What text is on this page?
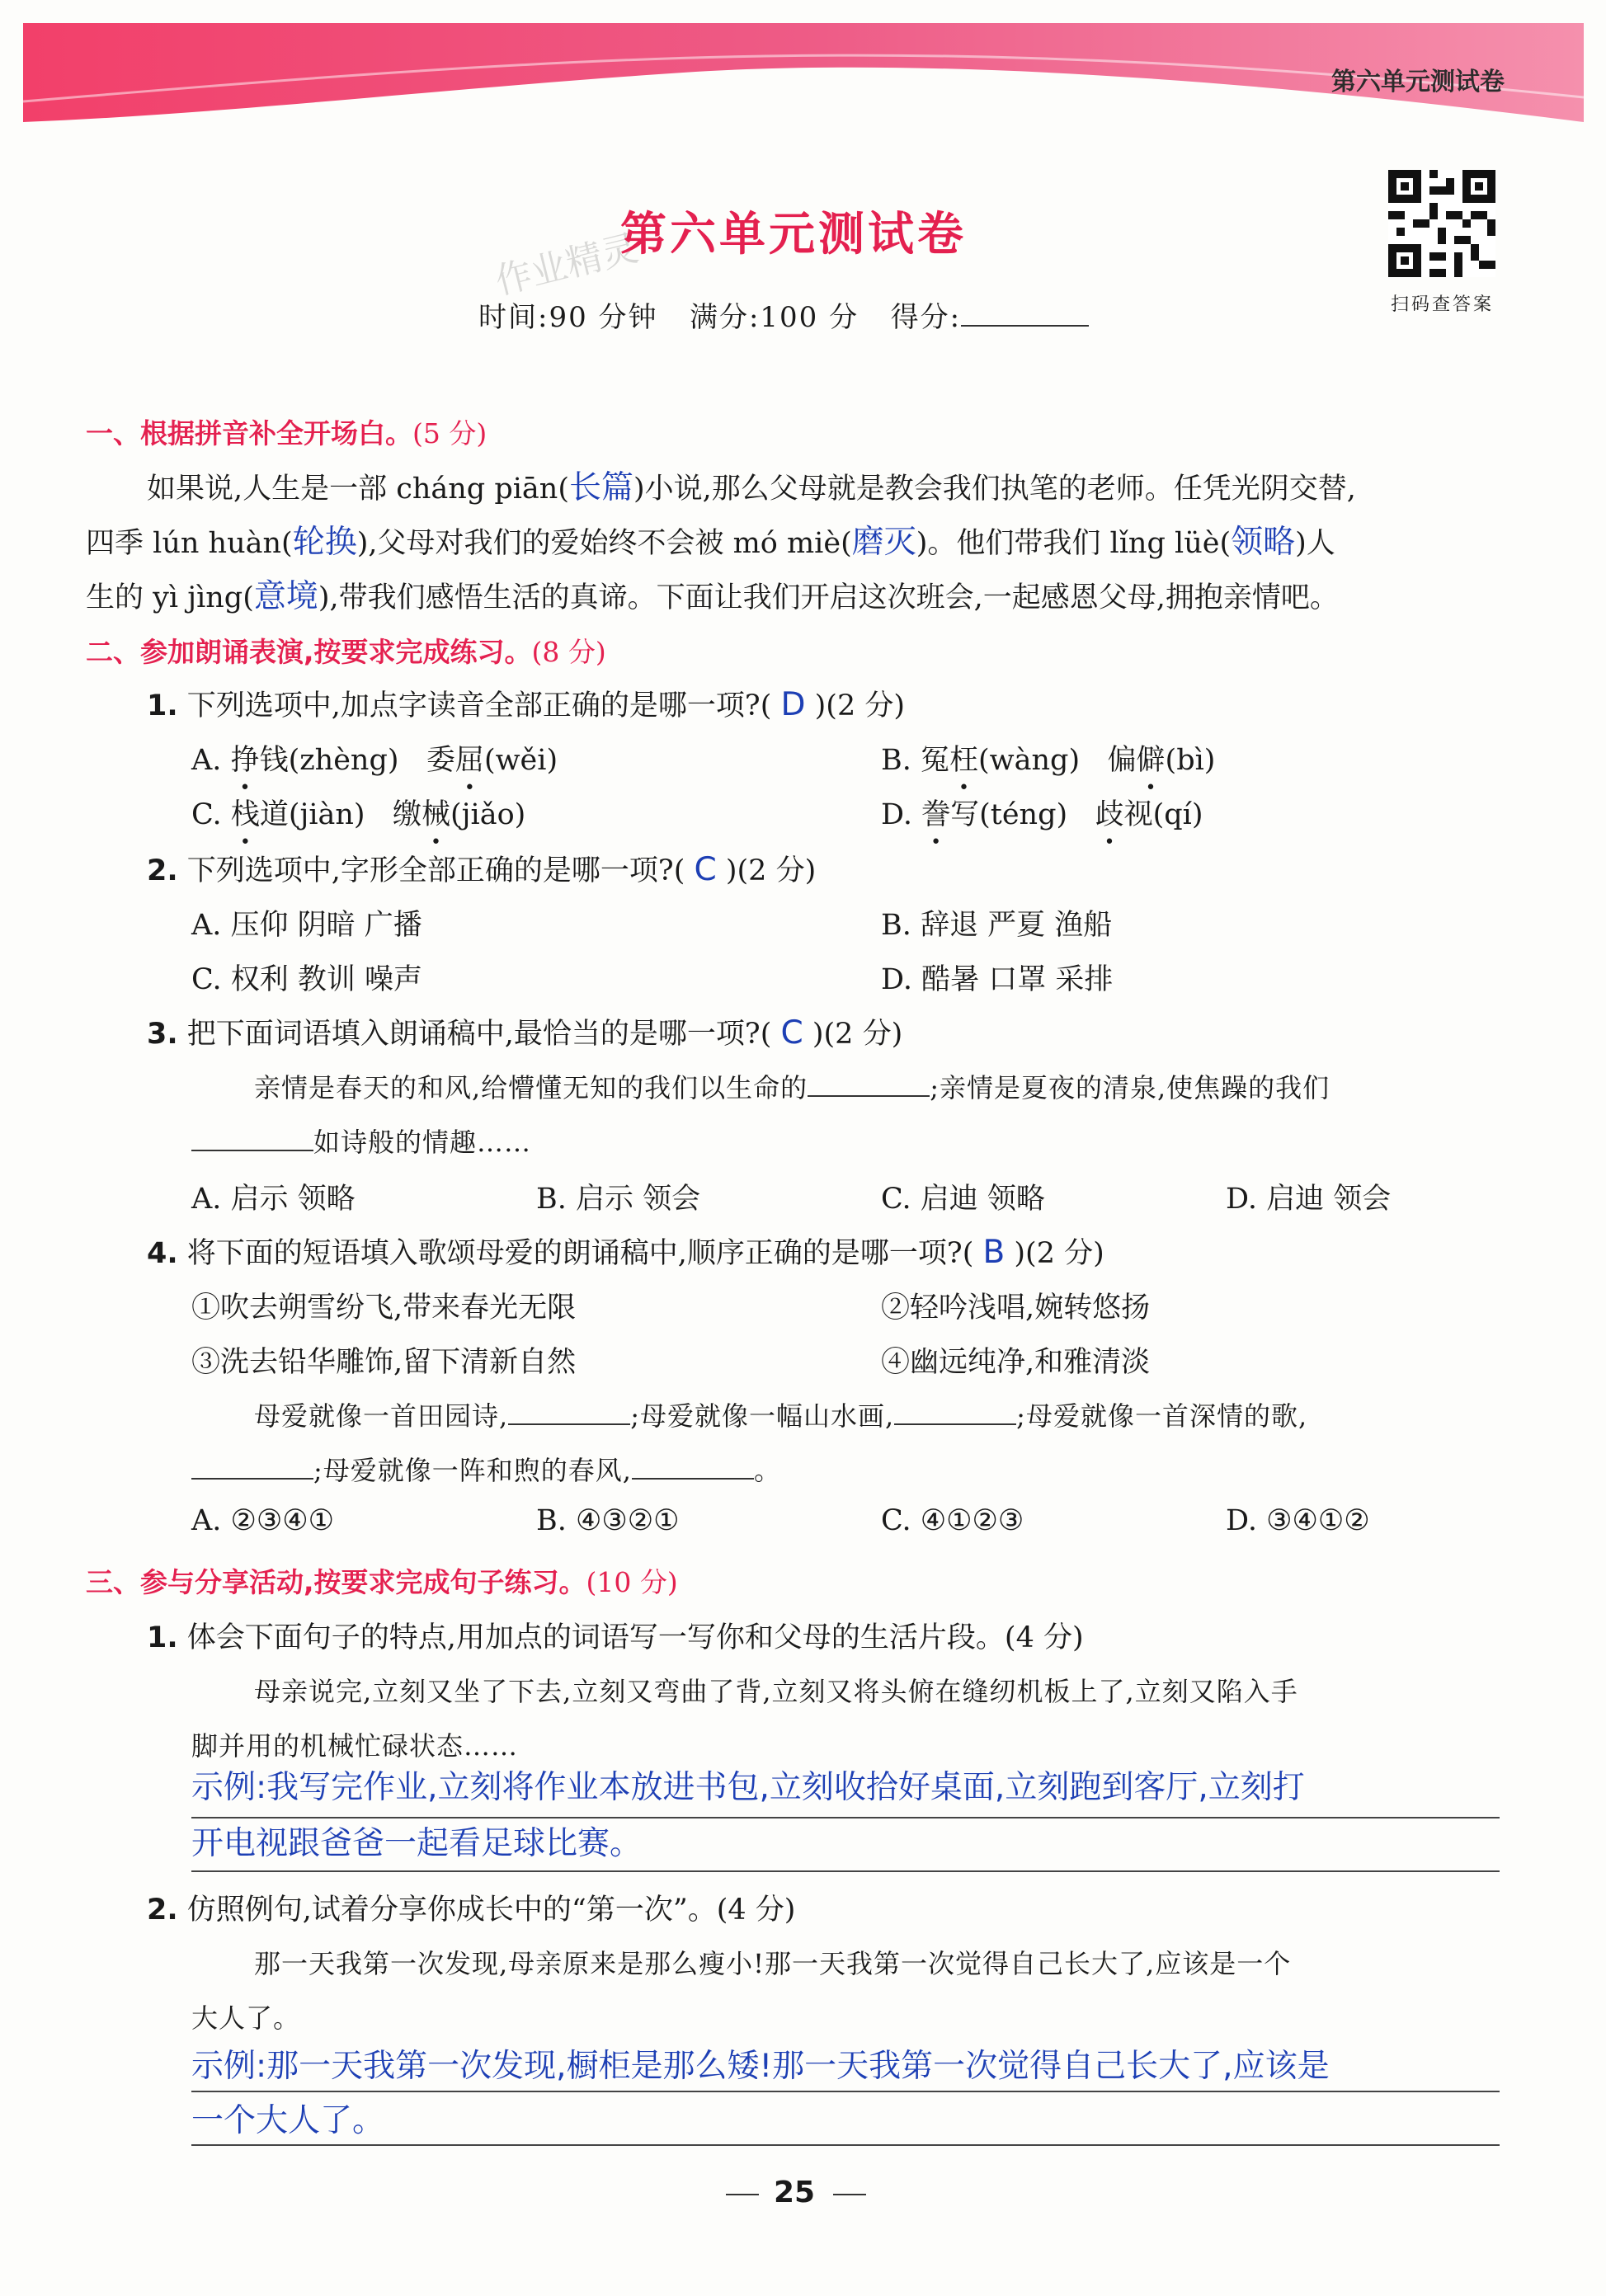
第六单元测试卷
作业精灵
第六单元测试卷
时间:90 分钟 满分:100 分 得分:	扫码查答案
一、根据拼音补全开场白。(5 分)
如果说,人生是一部 cháng piān(长篇)小说,那么父母就是教会我们执笔的老师。任凭光阴交替,
四季 lún huàn(轮换),父母对我们的爱始终不会被 mó miè(磨灭)。他们带我们 lǐng lüè(领略)人
生的 yì jìng(意境),带我们感悟生活的真谛。下面让我们开启这次班会,一起感恩父母,拥抱亲情吧。
二、参加朗诵表演,按要求完成练习。(8 分)
1. 下列选项中,加点字读音全部正确的是哪一项?( D )(2 分)
A. 挣钱(zhèng) 委屈(wěi)	B. 冤枉(wàng) 偏僻(bì)
C. 栈道(jiàn) 缴械(jiǎo)	D. 誊写(téng) 歧视(qí)
2. 下列选项中,字形全部正确的是哪一项?( C )(2 分)
A. 压仰 阴暗 广播	B. 辞退 严夏 渔船
C. 权利 教训 噪声	D. 酷暑 口罩 采排
3. 把下面词语填入朗诵稿中,最恰当的是哪一项?( C )(2 分)
亲情是春天的和风,给懵懂无知的我们以生命的	;亲情是夏夜的清泉,使焦躁的我们
如诗般的情趣……
A. 启示 领略	B. 启示 领会	C. 启迪 领略	D. 启迪 领会
4. 将下面的短语填入歌颂母爱的朗诵稿中,顺序正确的是哪一项?( B )(2 分)
①吹去朔雪纷飞,带来春光无限	②轻吟浅唱,婉转悠扬
③洗去铅华雕饰,留下清新自然	④幽远纯净,和雅清淡
母爱就像一首田园诗,	;母爱就像一幅山水画,	;母爱就像一首深情的歌,
;母爱就像一阵和煦的春风,	。
A. ②③④①	B. ④③②①	C. ④①②③	D. ③④①②
三、参与分享活动,按要求完成句子练习。(10 分)
1. 体会下面句子的特点,用加点的词语写一写你和父母的生活片段。(4 分)
母亲说完,立刻又坐了下去,立刻又弯曲了背,立刻又将头俯在缝纫机板上了,立刻又陷入手
脚并用的机械忙碌状态……
示例:我写完作业,立刻将作业本放进书包,立刻收拾好桌面,立刻跑到客厅,立刻打
开电视跟爸爸一起看足球比赛。
2. 仿照例句,试着分享你成长中的“第一次”。(4 分)
那一天我第一次发现,母亲原来是那么瘦小!那一天我第一次觉得自己长大了,应该是一个
大人了。
示例:那一天我第一次发现,橱柜是那么矮!那一天我第一次觉得自己长大了,应该是
一个大人了。
25
